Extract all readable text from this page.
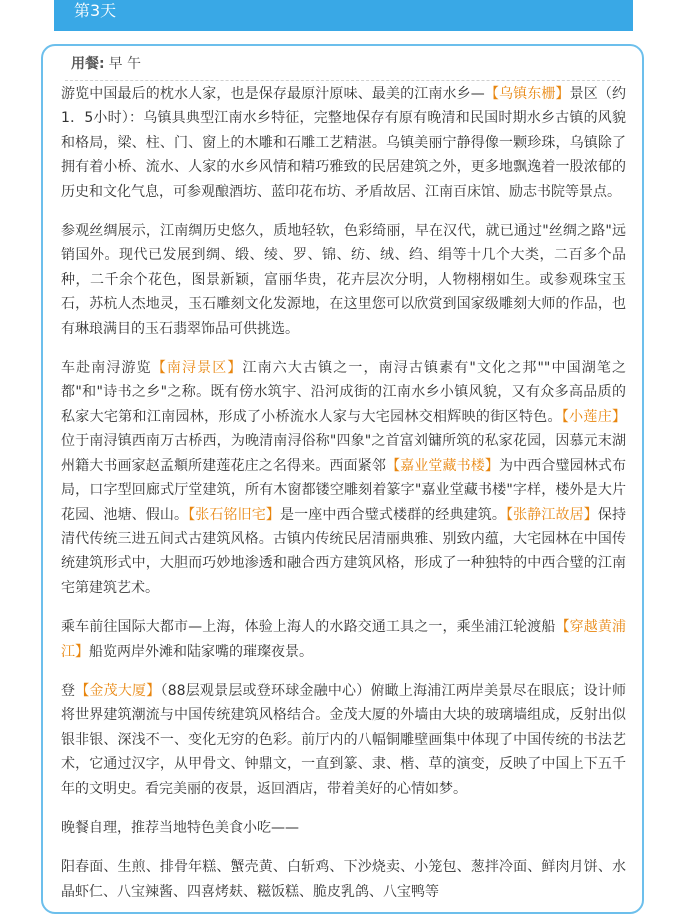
第3天
用餐: 早 午

游览中国最后的枕水人家，也是保存最原汁原味、最美的江南水乡—【乌镇东栅】景区（约1．5小时）：乌镇具典型江南水乡特征，完整地保存有原有晚清和民国时期水乡古镇的风貌和格局，梁、柱、门、窗上的木雕和石雕工艺精湛。乌镇美丽宁静得像一颗珍珠，乌镇除了拥有着小桥、流水、人家的水乡风情和精巧雅致的民居建筑之外，更多地飘逸着一股浓郁的历史和文化气息，可参观酿酒坊、蓝印花布坊、矛盾故居、江南百床馆、励志书院等景点。

参观丝绸展示，江南绸历史悠久，质地轻软，色彩绮丽，早在汉代，就已通过"丝绸之路"远销国外。现代已发展到绸、缎、绫、罗、锦、纺、绒、绉、绢等十几个大类，二百多个品种，二千余个花色，图景新颖，富丽华贵，花卉层次分明，人物栩栩如生。或参观珠宝玉石，苏杭人杰地灵，玉石雕刻文化发源地，在这里您可以欣赏到国家级雕刻大师的作品，也有琳琅满目的玉石翡翠饰品可供挑选。

车赴南浔游览【南浔景区】江南六大古镇之一，南浔古镇素有"文化之邦""中国湖笔之都"和"诗书之乡"之称。既有傍水筑宇、沿河成街的江南水乡小镇风貌，又有众多高品质的私家大宅第和江南园林，形成了小桥流水人家与大宅园林交相辉映的街区特色。【小莲庄】位于南浔镇西南万古桥西，为晚清南浔俗称"四象"之首富刘镛所筑的私家花园，因慕元末湖州籍大书画家赵孟頫所建莲花庄之名得来。西面紧邻【嘉业堂藏书楼】为中西合璧园林式布局，口字型回廊式厅堂建筑，所有木窗都镂空雕刻着篆字"嘉业堂藏书楼"字样，楼外是大片花园、池塘、假山。【张石铭旧宅】是一座中西合璧式楼群的经典建筑。【张静江故居】保持清代传统三进五间式古建筑风格。古镇内传统民居清丽典雅、别致内蕴，大宅园林在中国传统建筑形式中，大胆而巧妙地渗透和融合西方建筑风格，形成了一种独特的中西合璧的江南宅第建筑艺术。

乘车前往国际大都市—上海，体验上海人的水路交通工具之一，乘坐浦江轮渡船【穿越黄浦江】船览两岸外滩和陆家嘴的璀璨夜景。

登【金茂大厦】（88层观景层或登环球金融中心）俯瞰上海浦江两岸美景尽在眼底；设计师将世界建筑潮流与中国传统建筑风格结合。金茂大厦的外墙由大块的玻璃墙组成，反射出似银非银、深浅不一、变化无穷的色彩。前厅内的八幅铜雕壁画集中体现了中国传统的书法艺术，它通过汉字，从甲骨文、钟鼎文，一直到篆、隶、楷、草的演变，反映了中国上下五千年的文明史。看完美丽的夜景，返回酒店，带着美好的心情如梦。

晚餐自理，推荐当地特色美食小吃——

阳春面、生煎、排骨年糕、蟹壳黄、白斩鸡、下沙烧卖、小笼包、葱拌冷面、鲜肉月饼、水晶虾仁、八宝辣酱、四喜烤麸、糍饭糕、脆皮乳鸽、八宝鸭等
